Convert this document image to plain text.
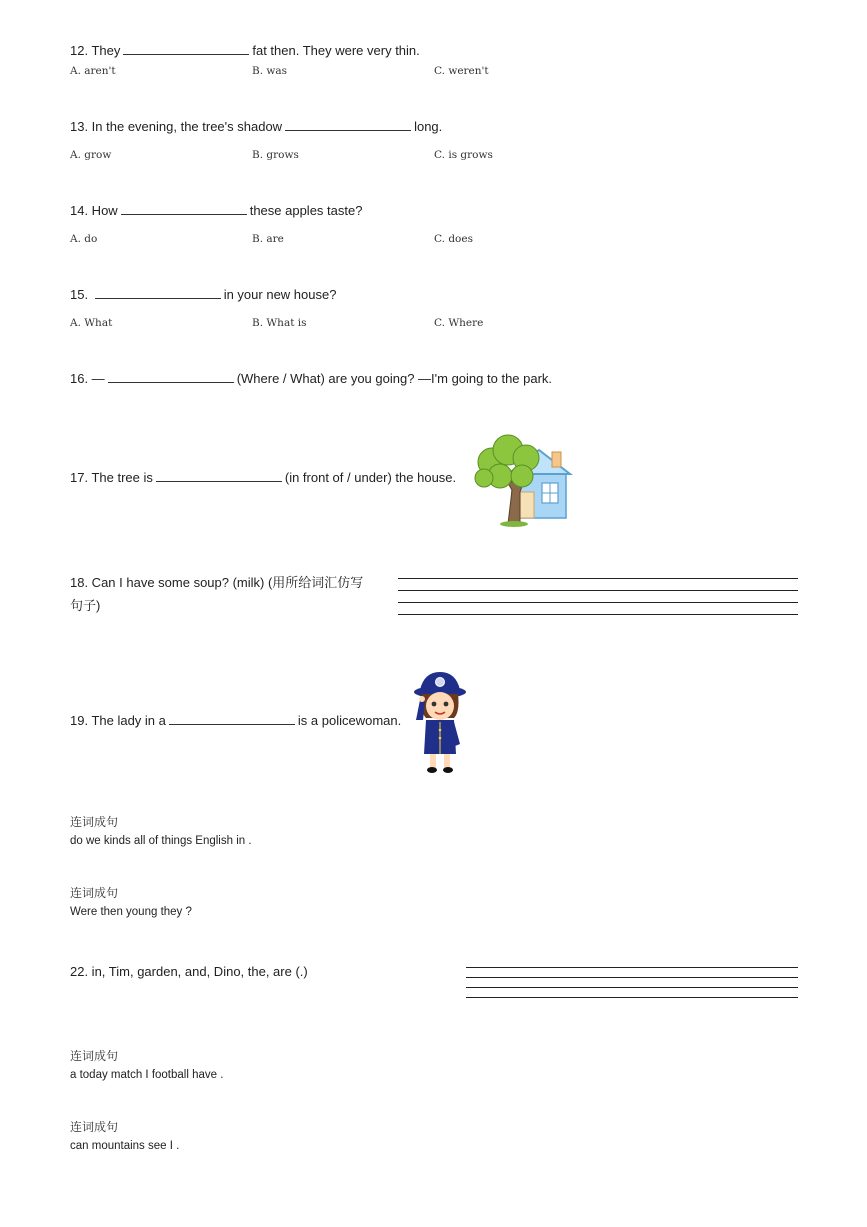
12. They	fat then. They were very thin.
A. aren't	B. was	C. weren't
13. In the evening, the tree's shadow	long.
A. grow	B. grows	C. is grows
14. How	these apples taste?
A. do	B. are	C. does
15.	in your new house?
A. What	B. What is	C. Where
16. —	(Where / What) are you going? —I'm going to the park.
17. The tree is	(in front of / under) the house.
18. Can I have some soup? (milk) (用所给词汇仿写
句子)
19. The lady in a	is a policewoman.
连词成句
do we kinds all of things English in .
连词成句
Were then young they ?
22. in, Tim, garden, and, Dino, the, are (.)
连词成句
a today match I football have .
连词成句
can mountains see I .
